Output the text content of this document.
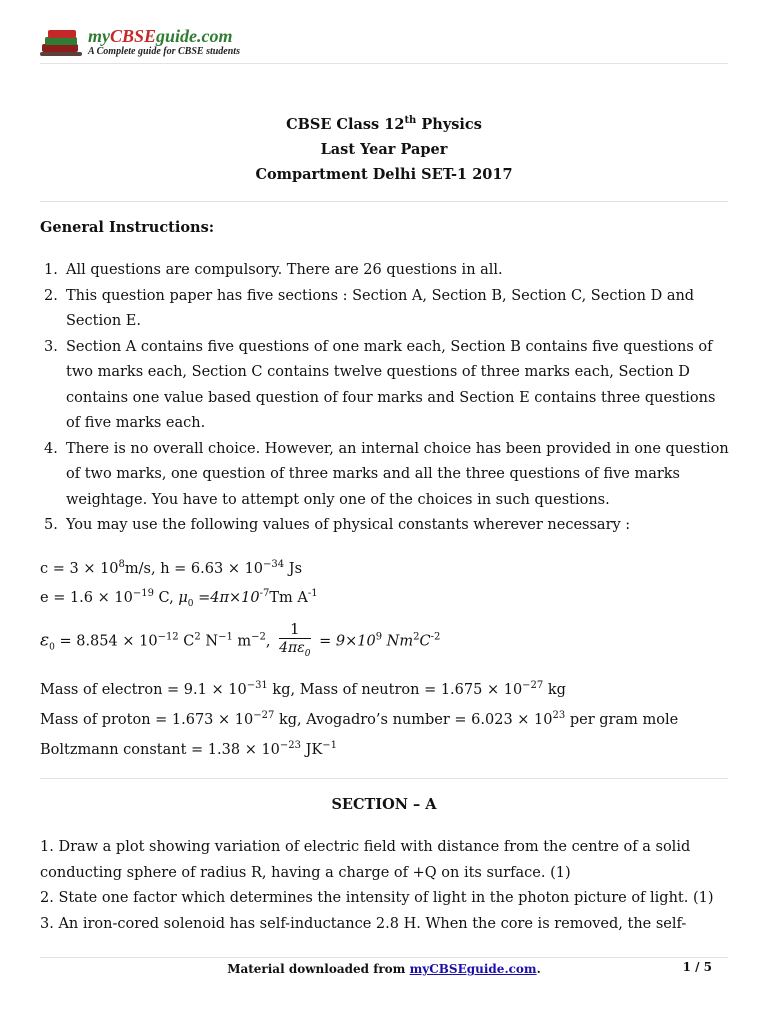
myCBSEguide.com
A Complete guide for CBSE students
CBSE Class 12th Physics
Last Year Paper
Compartment Delhi SET-1 2017
General Instructions:
1. All questions are compulsory. There are 26 questions in all.
2. This question paper has five sections : Section A, Section B, Section C, Section D and Section E.
3. Section A contains five questions of one mark each, Section B contains five questions of two marks each, Section C contains twelve questions of three marks each, Section D contains one value based question of four marks and Section E contains three questions of five marks each.
4. There is no overall choice. However, an internal choice has been provided in one question of two marks, one question of three marks and all the three questions of five marks weightage. You have to attempt only one of the choices in such questions.
5. You may use the following values of physical constants wherever necessary :
$c = 3 \times 10^8m/s$, $h = 6.63 \times 10^{-34}$ Js
$e = 1.6 \times 10^{-19}$ C, $\mu_0 =4\pi\times 10^{-7}Tm$ $A^{-1}$
$\varepsilon_0 = 8.854 \times 10^{-12}$ $C^2$ $N^{-1}$ $m^{-2}$, $\frac{1}{4\pi\varepsilon_0} = 9\times 10^9$ $Nm^2C^{-2}$
Mass of electron = $9.1 \times 10^{-31}$ kg, Mass of neutron = $1.675 \times 10^{-27}$ kg
Mass of proton = $1.673 \times 10^{-27}$ kg, Avogadro’s number = $6.023 \times 10^{23}$ per gram mole
Boltzmann constant = $1.38 \times 10^{-23}$ $JK^{-1}$
SECTION – A
1. Draw a plot showing variation of electric field with distance from the centre of a solid conducting sphere of radius R, having a charge of +Q on its surface. (1)
2. State one factor which determines the intensity of light in the photon picture of light. (1)
3. An iron-cored solenoid has self-inductance 2.8 H. When the core is removed, the self-
Material downloaded from myCBSEguide.com.	1 / 5
